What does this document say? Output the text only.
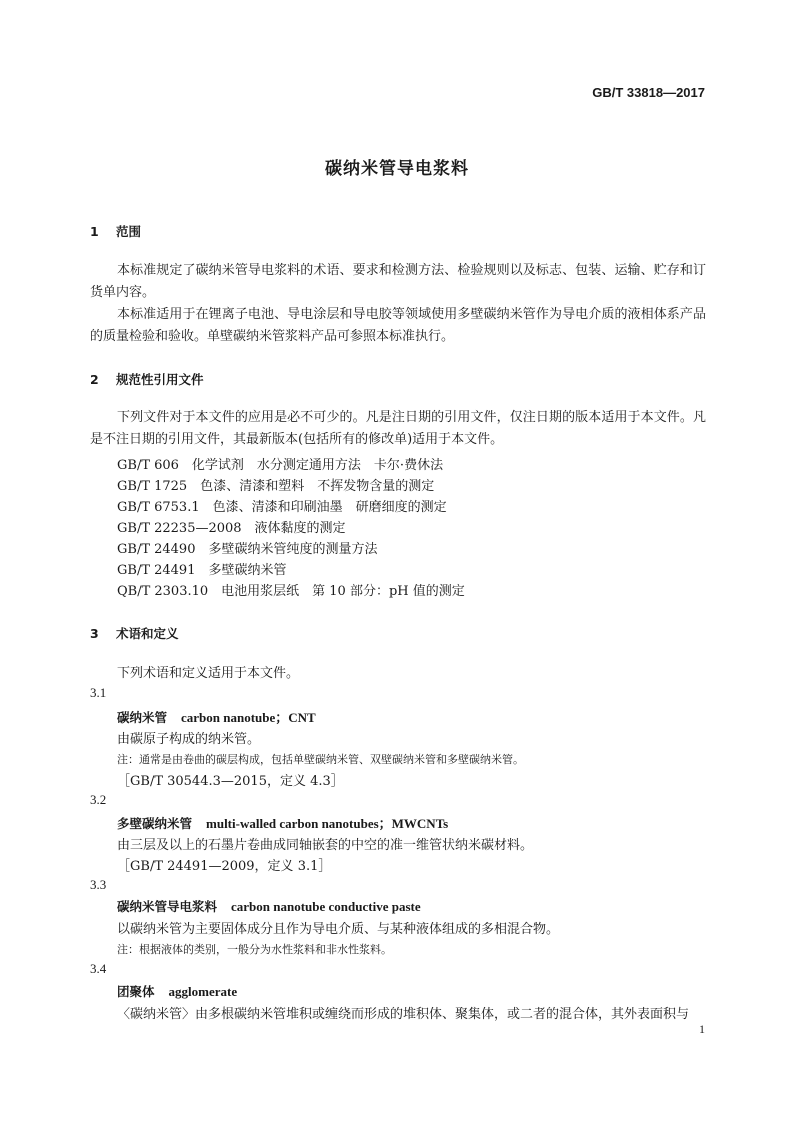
GB/T 33818—2017
碳纳米管导电浆料
1 范围
本标准规定了碳纳米管导电浆料的术语、要求和检测方法、检验规则以及标志、包装、运输、贮存和订货单内容。
本标准适用于在锂离子电池、导电涂层和导电胶等领域使用多壁碳纳米管作为导电介质的液相体系产品的质量检验和验收。单壁碳纳米管浆料产品可参照本标准执行。
2 规范性引用文件
下列文件对于本文件的应用是必不可少的。凡是注日期的引用文件，仅注日期的版本适用于本文件。凡是不注日期的引用文件，其最新版本(包括所有的修改单)适用于本文件。
GB/T 606　化学试剂　水分测定通用方法　卡尔·费休法
GB/T 1725　色漆、清漆和塑料　不挥发物含量的测定
GB/T 6753.1　色漆、清漆和印刷油墨　研磨细度的测定
GB/T 22235—2008　液体黏度的测定
GB/T 24490　多壁碳纳米管纯度的测量方法
GB/T 24491　多壁碳纳米管
QB/T 2303.10　电池用浆层纸　第 10 部分：pH 值的测定
3 术语和定义
下列术语和定义适用于本文件。
3.1
碳纳米管 carbon nanotube；CNT
由碳原子构成的纳米管。
注：通常是由卷曲的碳层构成，包括单壁碳纳米管、双壁碳纳米管和多壁碳纳米管。
［GB/T 30544.3—2015，定义 4.3］
3.2
多壁碳纳米管 multi-walled carbon nanotubes；MWCNTs
由三层及以上的石墨片卷曲成同轴嵌套的中空的准一维管状纳米碳材料。
［GB/T 24491—2009，定义 3.1］
3.3
碳纳米管导电浆料 carbon nanotube conductive paste
以碳纳米管为主要固体成分且作为导电介质、与某种液体组成的多相混合物。
注：根据液体的类别，一般分为水性浆料和非水性浆料。
3.4
团聚体 agglomerate
〈碳纳米管〉由多根碳纳米管堆积或缠绕而形成的堆积体、聚集体，或二者的混合体，其外表面积与
1
